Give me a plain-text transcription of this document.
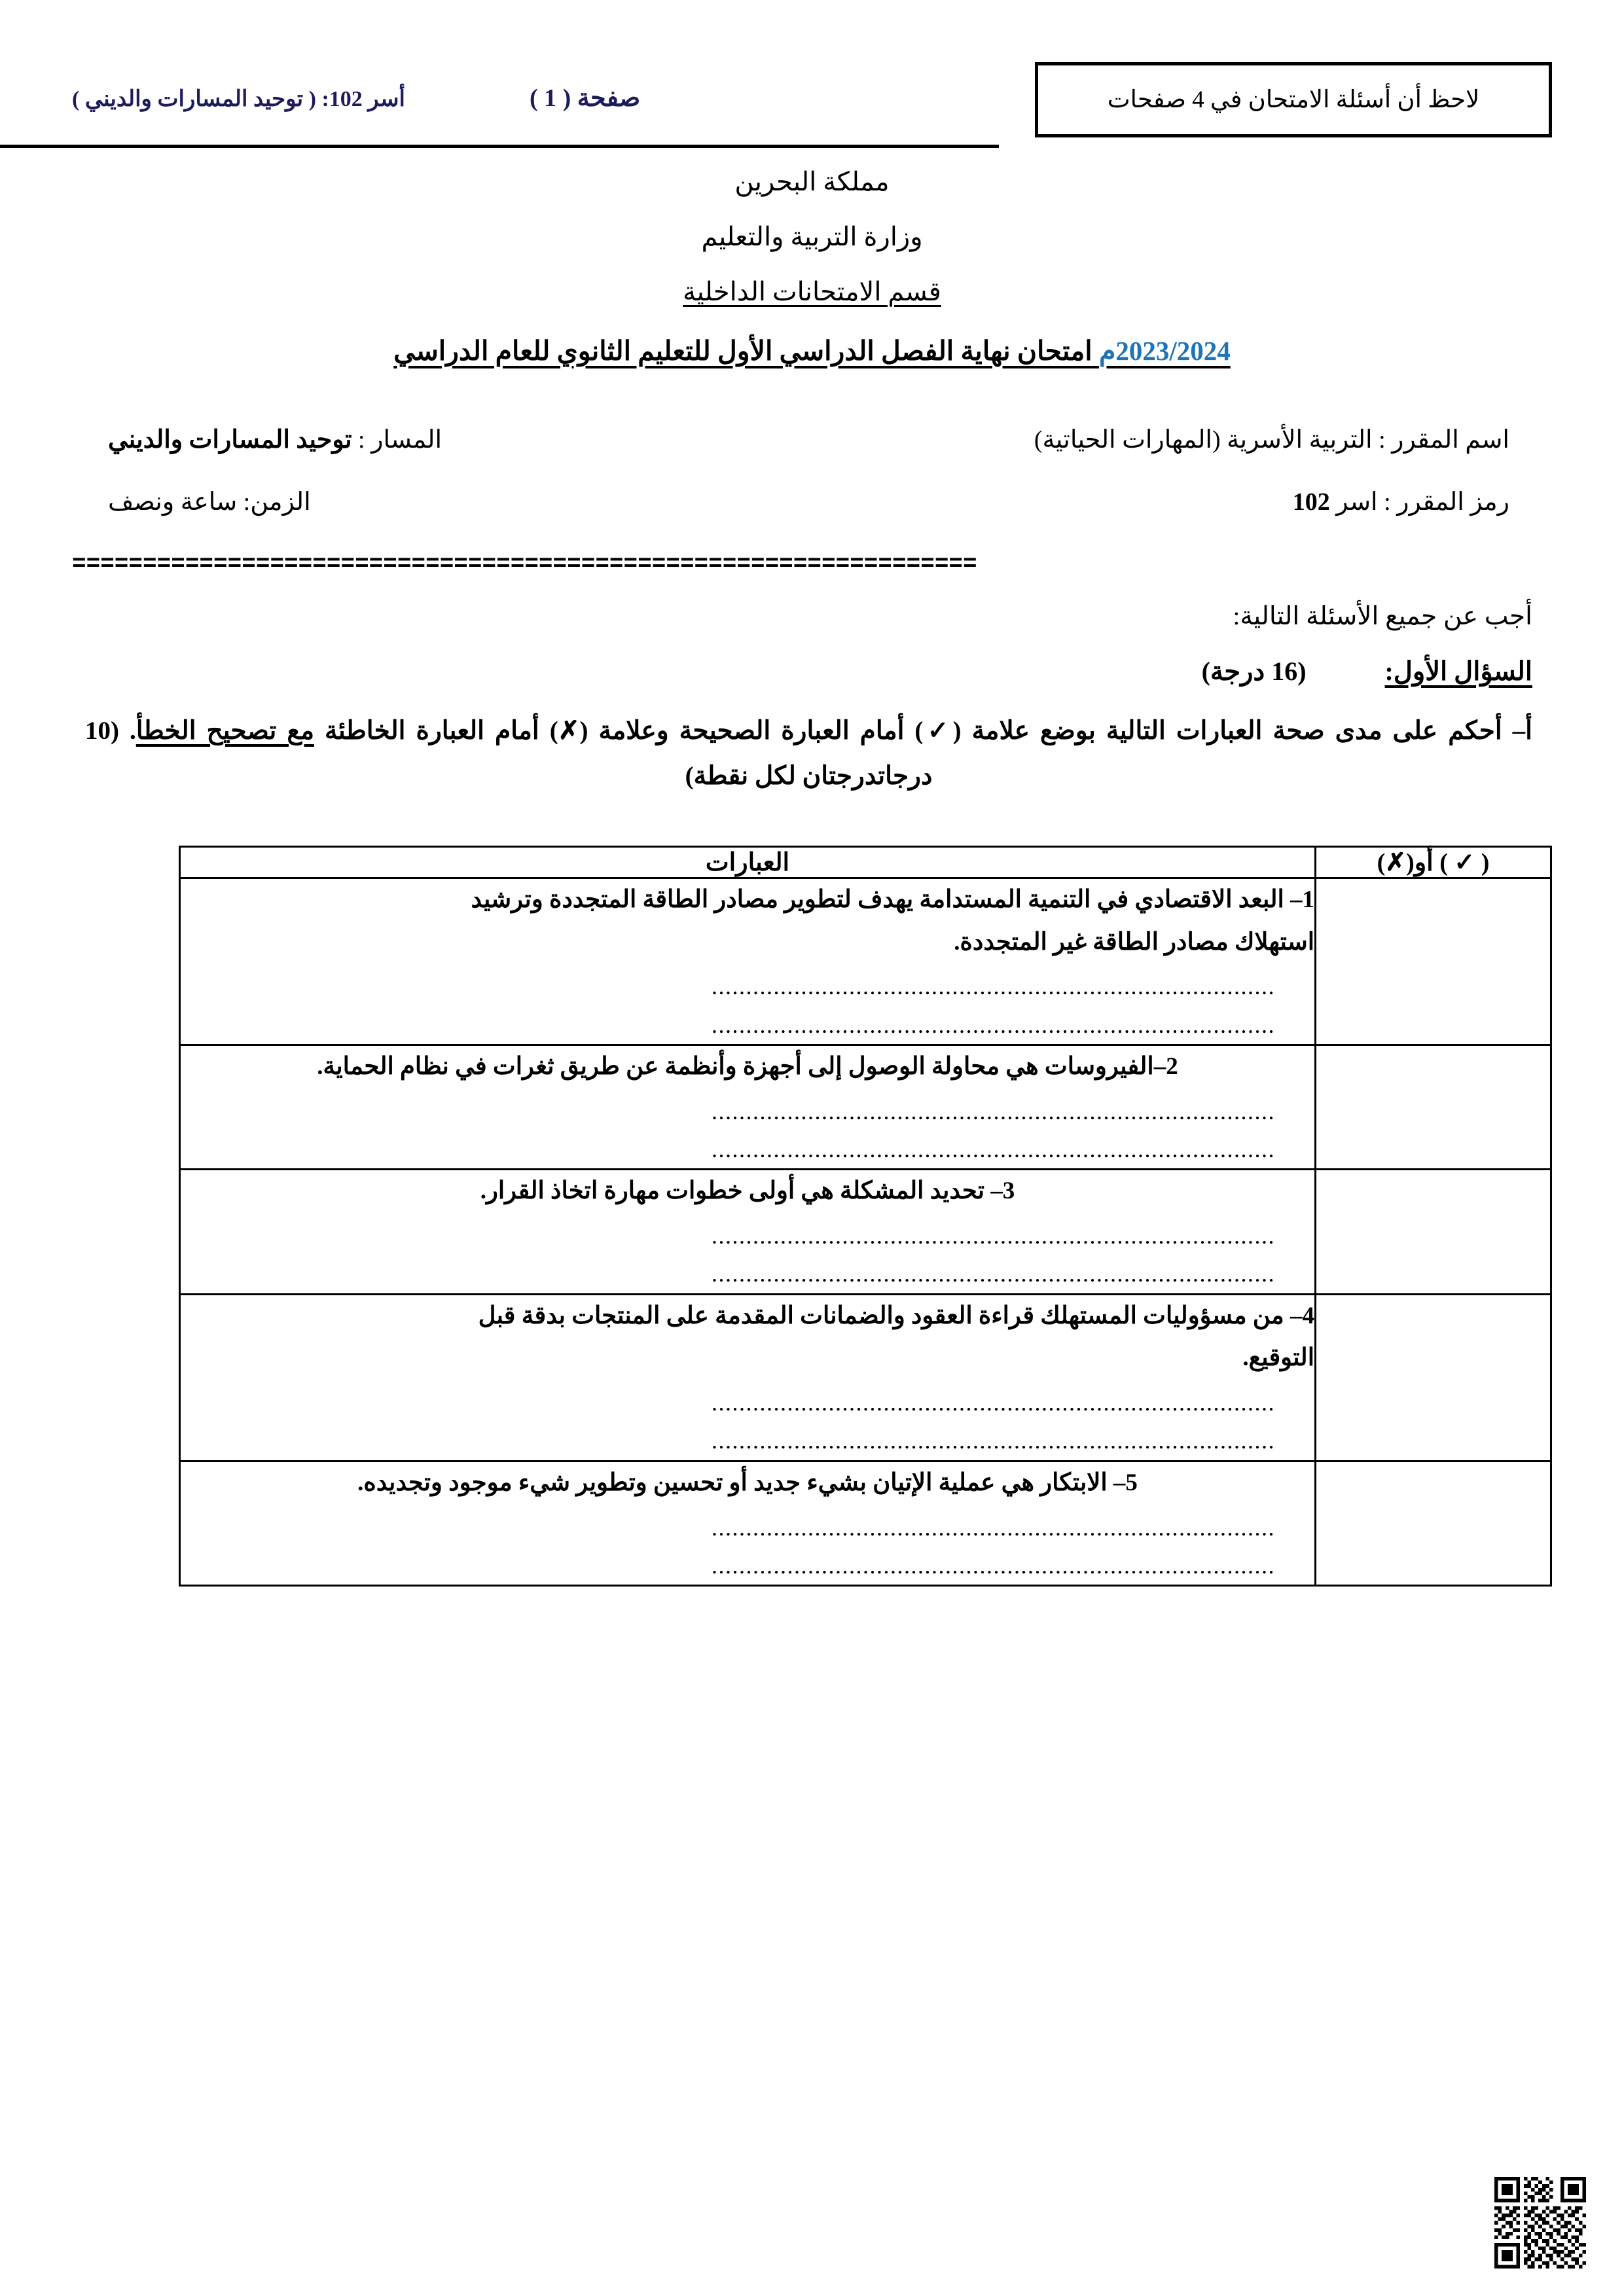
لاحظ أن أسئلة الامتحان في 4 صفحات
صفحة ( 1 )
أسر 102: ( توحيد المسارات والديني )
مملكة البحرين
وزارة التربية والتعليم
قسم الامتحانات الداخلية
2023/2024م امتحان نهاية الفصل الدراسي الأول للتعليم الثانوي للعام الدراسي
اسم المقرر : التربية الأسرية (المهارات الحياتية)
المسار : توحيد المسارات والديني
رمز المقرر : اسر 102
الزمن: ساعة ونصف
================================================================
أجب عن جميع الأسئلة التالية:
السؤال الأول:
(16 درجة)
أ– أحكم على مدى صحة العبارات التالية بوضع علامة (✓) أمام العبارة الصحيحة وعلامة (✗) أمام العبارة الخاطئة مع تصحيح الخطأ. (10 درجاتدرجتان لكل نقطة)
( ✓ ) أو(✗)	العبارات

	1– البعد الاقتصادي في التنمية المستدامة يهدف لتطوير مصادر الطاقة المتجددة وترشيد
استهلاك مصادر الطاقة غير المتجددة.
..................................................................................
..................................................................................

	2–الفيروسات هي محاولة الوصول إلى أجهزة وأنظمة عن طريق ثغرات في نظام الحماية.
..................................................................................
..................................................................................

	3– تحديد المشكلة هي أولى خطوات مهارة اتخاذ القرار.
..................................................................................
..................................................................................

	4– من مسؤوليات المستهلك قراءة العقود والضمانات المقدمة على المنتجات بدقة قبل
التوقيع.
..................................................................................
..................................................................................

	5– الابتكار هي عملية الإتيان بشيء جديد أو تحسين وتطوير شيء موجود وتجديده.
..................................................................................
..................................................................................
